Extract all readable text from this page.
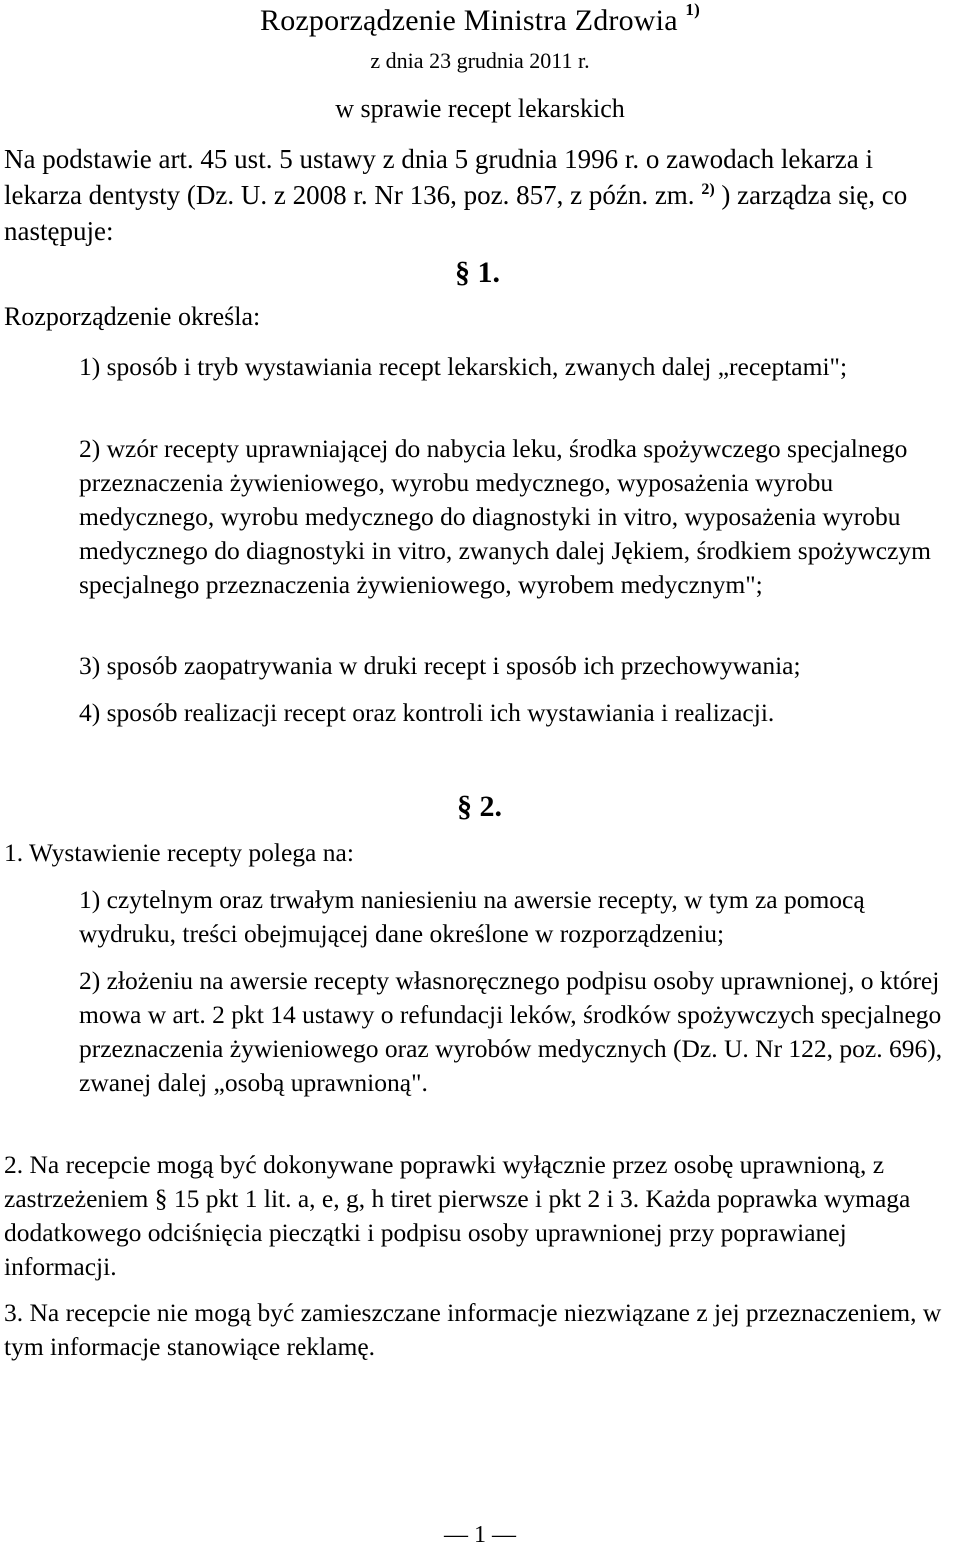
Rozporządzenie Ministra Zdrowia $^{1)}$
z dnia 23 grudnia 2011 r.
w sprawie recept lekarskich
Na podstawie art. 45 ust. 5 ustawy z dnia 5 grudnia 1996 r. o zawodach lekarza i lekarza dentysty (Dz. U. z 2008 r. Nr 136, poz. 857, z późn. zm. $^{2)}$ ) zarządza się, co następuje:
§ 1.
Rozporządzenie określa:
1) sposób i tryb wystawiania recept lekarskich, zwanych dalej „receptami";
2) wzór recepty uprawniającej do nabycia leku, środka spożywczego specjalnego przeznaczenia żywieniowego, wyrobu medycznego, wyposażenia wyrobu medycznego, wyrobu medycznego do diagnostyki in vitro, wyposażenia wyrobu medycznego do diagnostyki in vitro, zwanych dalej Jękiem, środkiem spożywczym specjalnego przeznaczenia żywieniowego, wyrobem medycznym";
3) sposób zaopatrywania w druki recept i sposób ich przechowywania;
4) sposób realizacji recept oraz kontroli ich wystawiania i realizacji.
§ 2.
1. Wystawienie recepty polega na:
1) czytelnym oraz trwałym naniesieniu na awersie recepty, w tym za pomocą wydruku, treści obejmującej dane określone w rozporządzeniu;
2) złożeniu na awersie recepty własnoręcznego podpisu osoby uprawnionej, o której mowa w art. 2 pkt 14 ustawy o refundacji leków, środków spożywczych specjalnego przeznaczenia żywieniowego oraz wyrobów medycznych (Dz. U. Nr 122, poz. 696), zwanej dalej „osobą uprawnioną".
2. Na recepcie mogą być dokonywane poprawki wyłącznie przez osobę uprawnioną, z zastrzeżeniem § 15 pkt 1 lit. a, e, g, h tiret pierwsze i pkt 2 i 3. Każda poprawka wymaga dodatkowego odciśnięcia pieczątki i podpisu osoby uprawnionej przy poprawianej informacji.
3. Na recepcie nie mogą być zamieszczane informacje niezwiązane z jej przeznaczeniem, w tym informacje stanowiące reklamę.
— 1 —
